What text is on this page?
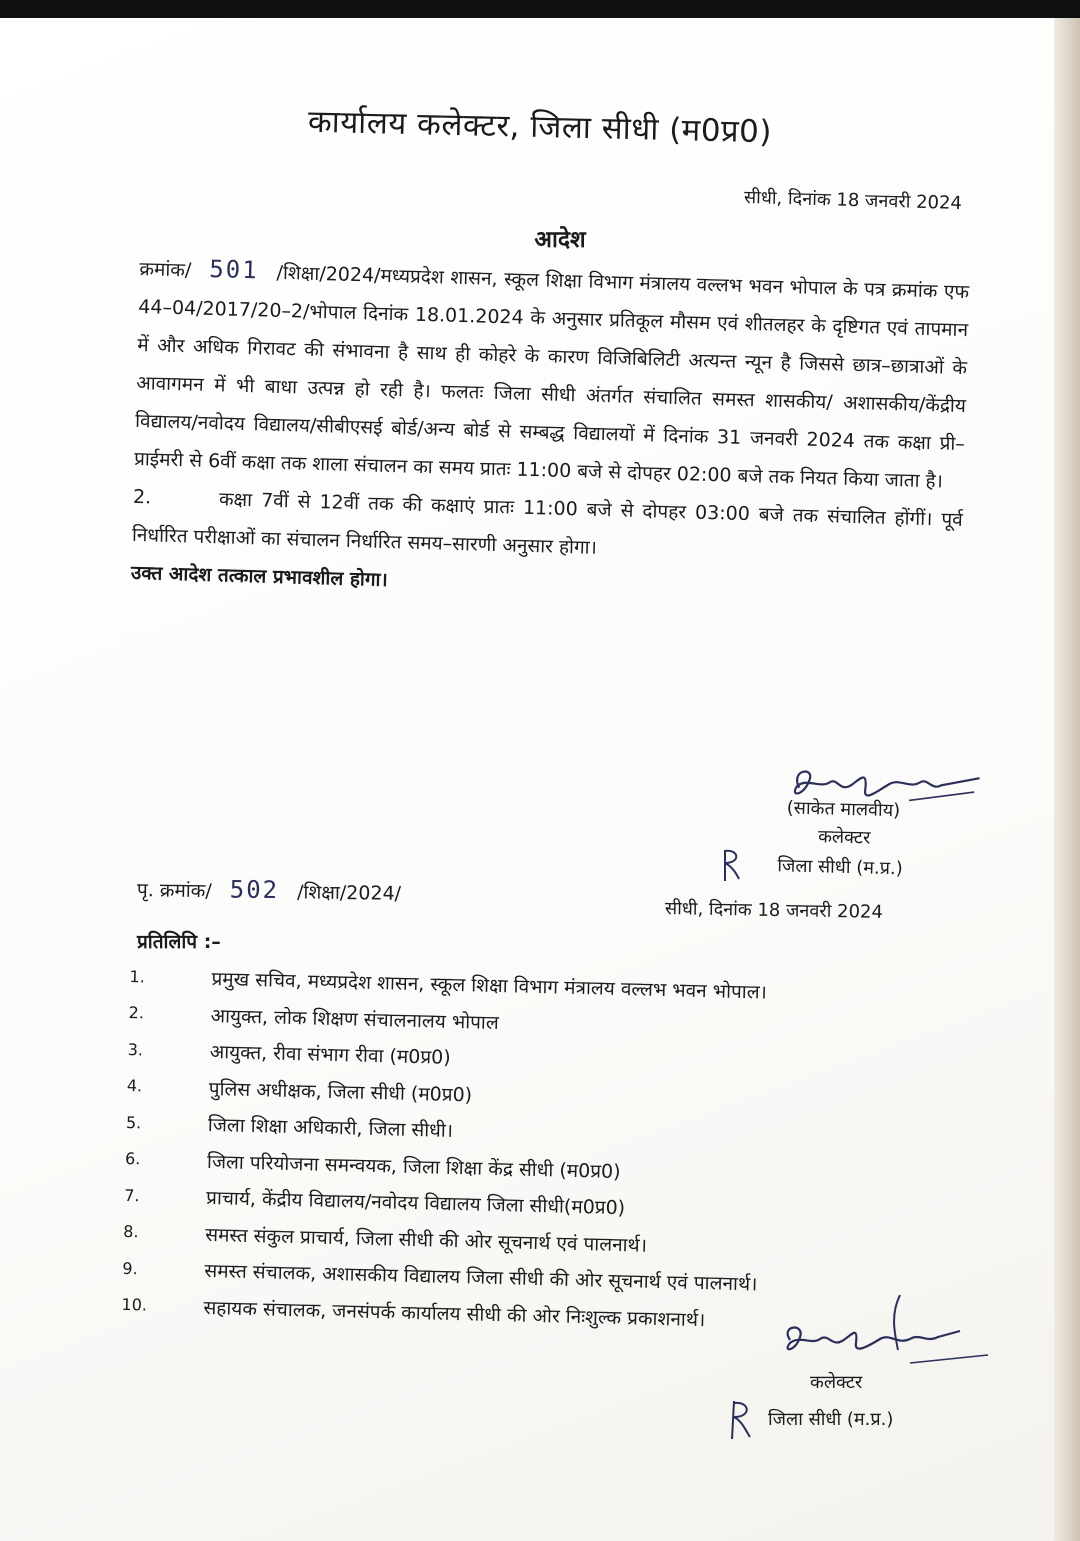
कार्यालय कलेक्टर, जिला सीधी (म0प्र0)
सीधी, दिनांक 18 जनवरी 2024
आदेश

क्रमांक/ 501 /शिक्षा/2024/मध्यप्रदेश शासन, स्कूल शिक्षा विभाग मंत्रालय वल्लभ भवन भोपाल के पत्र क्रमांक एफ 44–04/2017/20–2/भोपाल दिनांक 18.01.2024 के अनुसार प्रतिकूल मौसम एवं शीतलहर के दृष्टिगत एवं तापमान में और अधिक गिरावट की संभावना है साथ ही कोहरे के कारण विजिबिलिटी अत्यन्त न्यून है जिससे छात्र–छात्राओं के आवागमन में भी बाधा उत्पन्न हो रही है। फलतः जिला सीधी अंतर्गत संचालित समस्त शासकीय/ अशासकीय/केंद्रीय विद्यालय/नवोदय विद्यालय/सीबीएसई बोर्ड/अन्य बोर्ड से सम्बद्ध विद्यालयों में दिनांक 31 जनवरी 2024 तक कक्षा प्री–प्राईमरी से 6वीं कक्षा तक शाला संचालन का समय प्रातः 11:00 बजे से दोपहर 02:00 बजे तक नियत किया जाता है।

2.	कक्षा 7वीं से 12वीं तक की कक्षाएं प्रातः 11:00 बजे से दोपहर 03:00 बजे तक संचालित होंगीं। पूर्व निर्धारित परीक्षाओं का संचालन निर्धारित समय–सारणी अनुसार होगा।

उक्त आदेश तत्काल प्रभावशील होगा।

(साकेत मालवीय)
कलेक्टर
जिला सीधी (म.प्र.)
पृ. क्रमांक/ 502 /शिक्षा/2024/
सीधी, दिनांक 18 जनवरी 2024
प्रतिलिपि :–
1.	प्रमुख सचिव, मध्यप्रदेश शासन, स्कूल शिक्षा विभाग मंत्रालय वल्लभ भवन भोपाल।
2.	आयुक्त, लोक शिक्षण संचालनालय भोपाल
3.	आयुक्त, रीवा संभाग रीवा (म0प्र0)
4.	पुलिस अधीक्षक, जिला सीधी (म0प्र0)
5.	जिला शिक्षा अधिकारी, जिला सीधी।
6.	जिला परियोजना समन्वयक, जिला शिक्षा केंद्र सीधी (म0प्र0)
7.	प्राचार्य, केंद्रीय विद्यालय/नवोदय विद्यालय जिला सीधी(म0प्र0)
8.	समस्त संकुल प्राचार्य, जिला सीधी की ओर सूचनार्थ एवं पालनार्थ।
9.	समस्त संचालक, अशासकीय विद्यालय जिला सीधी की ओर सूचनार्थ एवं पालनार्थ।
10.	सहायक संचालक, जनसंपर्क कार्यालय सीधी की ओर निःशुल्क प्रकाशनार्थ।
कलेक्टर
जिला सीधी (म.प्र.)
